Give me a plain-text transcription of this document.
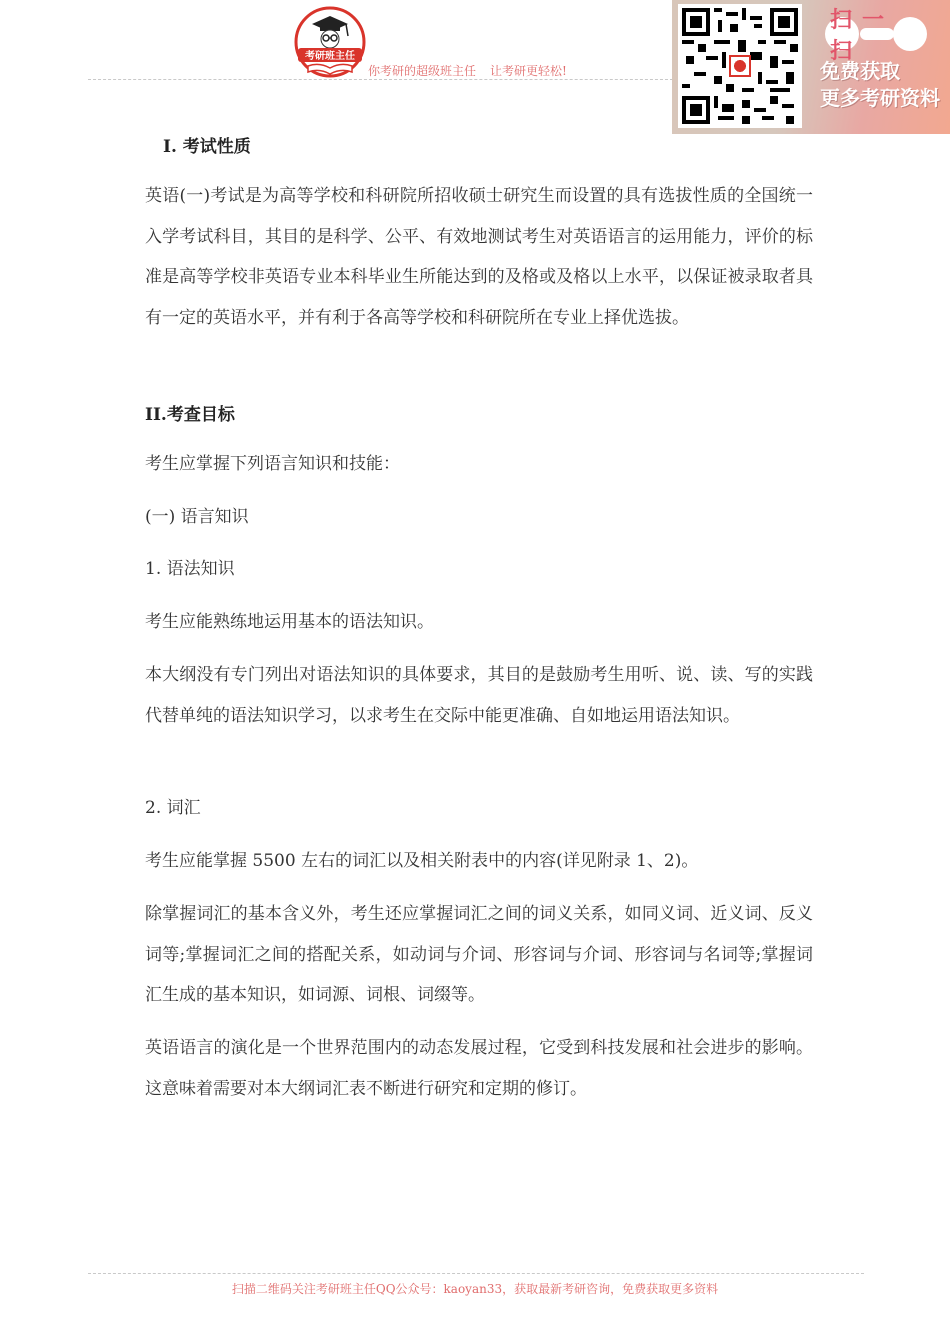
考研班主任
你考研的超级班主任 让考研更轻松!
扫一扫
免费获取
更多考研资料
I. 考试性质
英语(一)考试是为高等学校和科研院所招收硕士研究生而设置的具有选拔性质的全国统一入学考试科目，其目的是科学、公平、有效地测试考生对英语语言的运用能力，评价的标准是高等学校非英语专业本科毕业生所能达到的及格或及格以上水平，以保证被录取者具有一定的英语水平，并有利于各高等学校和科研院所在专业上择优选拔。
II.考查目标
考生应掌握下列语言知识和技能：
(一) 语言知识
1. 语法知识
考生应能熟练地运用基本的语法知识。
本大纲没有专门列出对语法知识的具体要求，其目的是鼓励考生用听、说、读、写的实践代替单纯的语法知识学习，以求考生在交际中能更准确、自如地运用语法知识。
2. 词汇
考生应能掌握 5500 左右的词汇以及相关附表中的内容(详见附录 1、2)。
除掌握词汇的基本含义外，考生还应掌握词汇之间的词义关系，如同义词、近义词、反义词等;掌握词汇之间的搭配关系，如动词与介词、形容词与介词、形容词与名词等;掌握词汇生成的基本知识，如词源、词根、词缀等。
英语语言的演化是一个世界范围内的动态发展过程，它受到科技发展和社会进步的影响。这意味着需要对本大纲词汇表不断进行研究和定期的修订。
扫描二维码关注考研班主任QQ公众号：kaoyan33，获取最新考研咨询，免费获取更多资料
